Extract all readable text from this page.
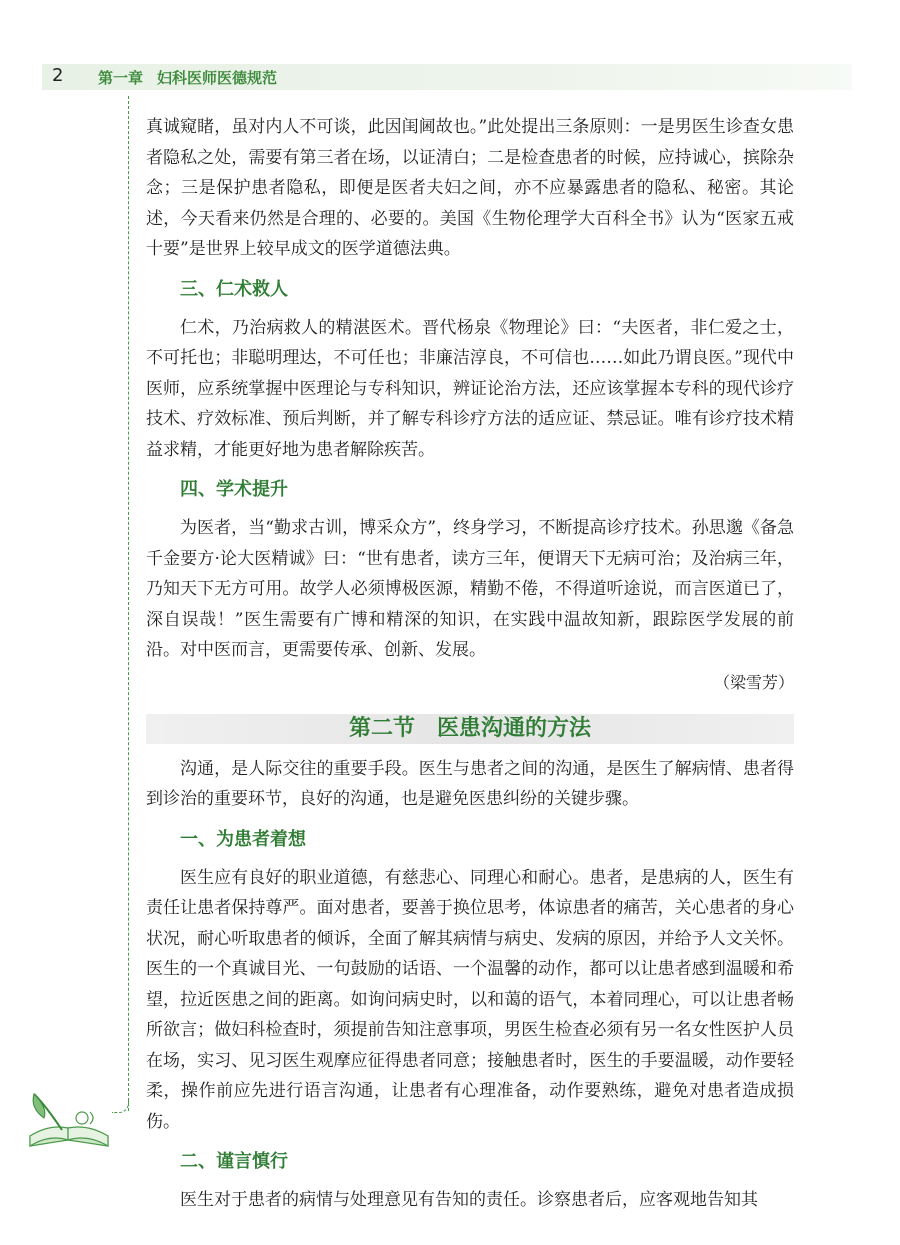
2 第一章 妇科医师医德规范

真诚窥睹，虽对内人不可谈，此因闺阃故也。”此处提出三条原则：一是男医生诊查女患者隐私之处，需要有第三者在场，以证清白；二是检查患者的时候，应持诚心，摈除杂念；三是保护患者隐私，即便是医者夫妇之间，亦不应暴露患者的隐私、秘密。其论述，今天看来仍然是合理的、必要的。美国《生物伦理学大百科全书》认为“医家五戒十要”是世界上较早成文的医学道德法典。

三、仁术救人

仁术，乃治病救人的精湛医术。晋代杨泉《物理论》曰：“夫医者，非仁爱之士，不可托也；非聪明理达，不可任也；非廉洁淳良，不可信也……如此乃谓良医。”现代中医师，应系统掌握中医理论与专科知识，辨证论治方法，还应该掌握本专科的现代诊疗技术、疗效标准、预后判断，并了解专科诊疗方法的适应证、禁忌证。唯有诊疗技术精益求精，才能更好地为患者解除疾苦。

四、学术提升

为医者，当“勤求古训，博采众方”，终身学习，不断提高诊疗技术。孙思邈《备急千金要方·论大医精诚》曰：“世有患者，读方三年，便谓天下无病可治；及治病三年，乃知天下无方可用。故学人必须博极医源，精勤不倦，不得道听途说，而言医道已了，深自误哉！”医生需要有广博和精深的知识，在实践中温故知新，跟踪医学发展的前沿。对中医而言，更需要传承、创新、发展。

（梁雪芳）
第二节　医患沟通的方法

沟通，是人际交往的重要手段。医生与患者之间的沟通，是医生了解病情、患者得到诊治的重要环节，良好的沟通，也是避免医患纠纷的关键步骤。

一、为患者着想

医生应有良好的职业道德，有慈悲心、同理心和耐心。患者，是患病的人，医生有责任让患者保持尊严。面对患者，要善于换位思考，体谅患者的痛苦，关心患者的身心状况，耐心听取患者的倾诉，全面了解其病情与病史、发病的原因，并给予人文关怀。医生的一个真诚目光、一句鼓励的话语、一个温馨的动作，都可以让患者感到温暖和希望，拉近医患之间的距离。如询问病史时，以和蔼的语气，本着同理心，可以让患者畅所欲言；做妇科检查时，须提前告知注意事项，男医生检查必须有另一名女性医护人员在场，实习、见习医生观摩应征得患者同意；接触患者时，医生的手要温暖，动作要轻柔，操作前应先进行语言沟通，让患者有心理准备，动作要熟练，避免对患者造成损伤。

二、谨言慎行

医生对于患者的病情与处理意见有告知的责任。诊察患者后，应客观地告知其
